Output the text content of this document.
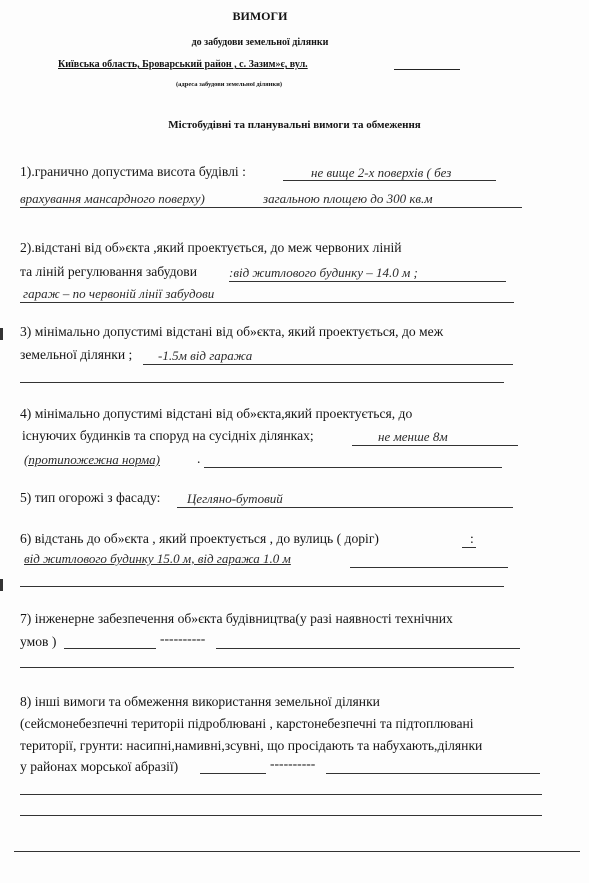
ВИМОГИ
до забудови земельної ділянки
Київська область, Броварський район , с. Зазим»є, вул.
(адреса забудови земельної ділянки)
Містобудівні та планувальні вимоги та обмеження
1).гранично допустима висота будівлі :	не вище 2-х поверхів ( без
врахування мансардного поверху)	загальною площею до 300 кв.м
2).відстані від об»єкта ,який проектується, до меж червоних ліній
та ліній регулювання забудови :від житлового будинку – 14.0 м ;
гараж – по червоній лінії забудови
3) мінімально допустимі відстані від об»єкта, який проектується, до меж
земельної ділянки ; -1.5м від гаража
4) мінімально допустимі відстані від об»єкта,який проектується, до
існуючих будинків та споруд на сусідніх ділянках;	не менше 8м
(протипожежна норма)	.
5) тип огорожі з фасаду: Цегляно-бутовий
6) відстань до об»єкта , який проектується , до вулиць ( доріг)	:
від житлового будинку 15.0 м, від гаража 1.0 м
7) інженерне забезпечення об»єкта будівництва(у разі наявності технічних
умов )	----------
8) інші вимоги та обмеження використання земельної ділянки
(сейсмонебезпечні територіі підроблювані , карстонебезпечні та підтоплювані
території, грунти: насипні,намивні,зсувні, що просідають та набухають,ділянки
у районах морської абразії)	----------
